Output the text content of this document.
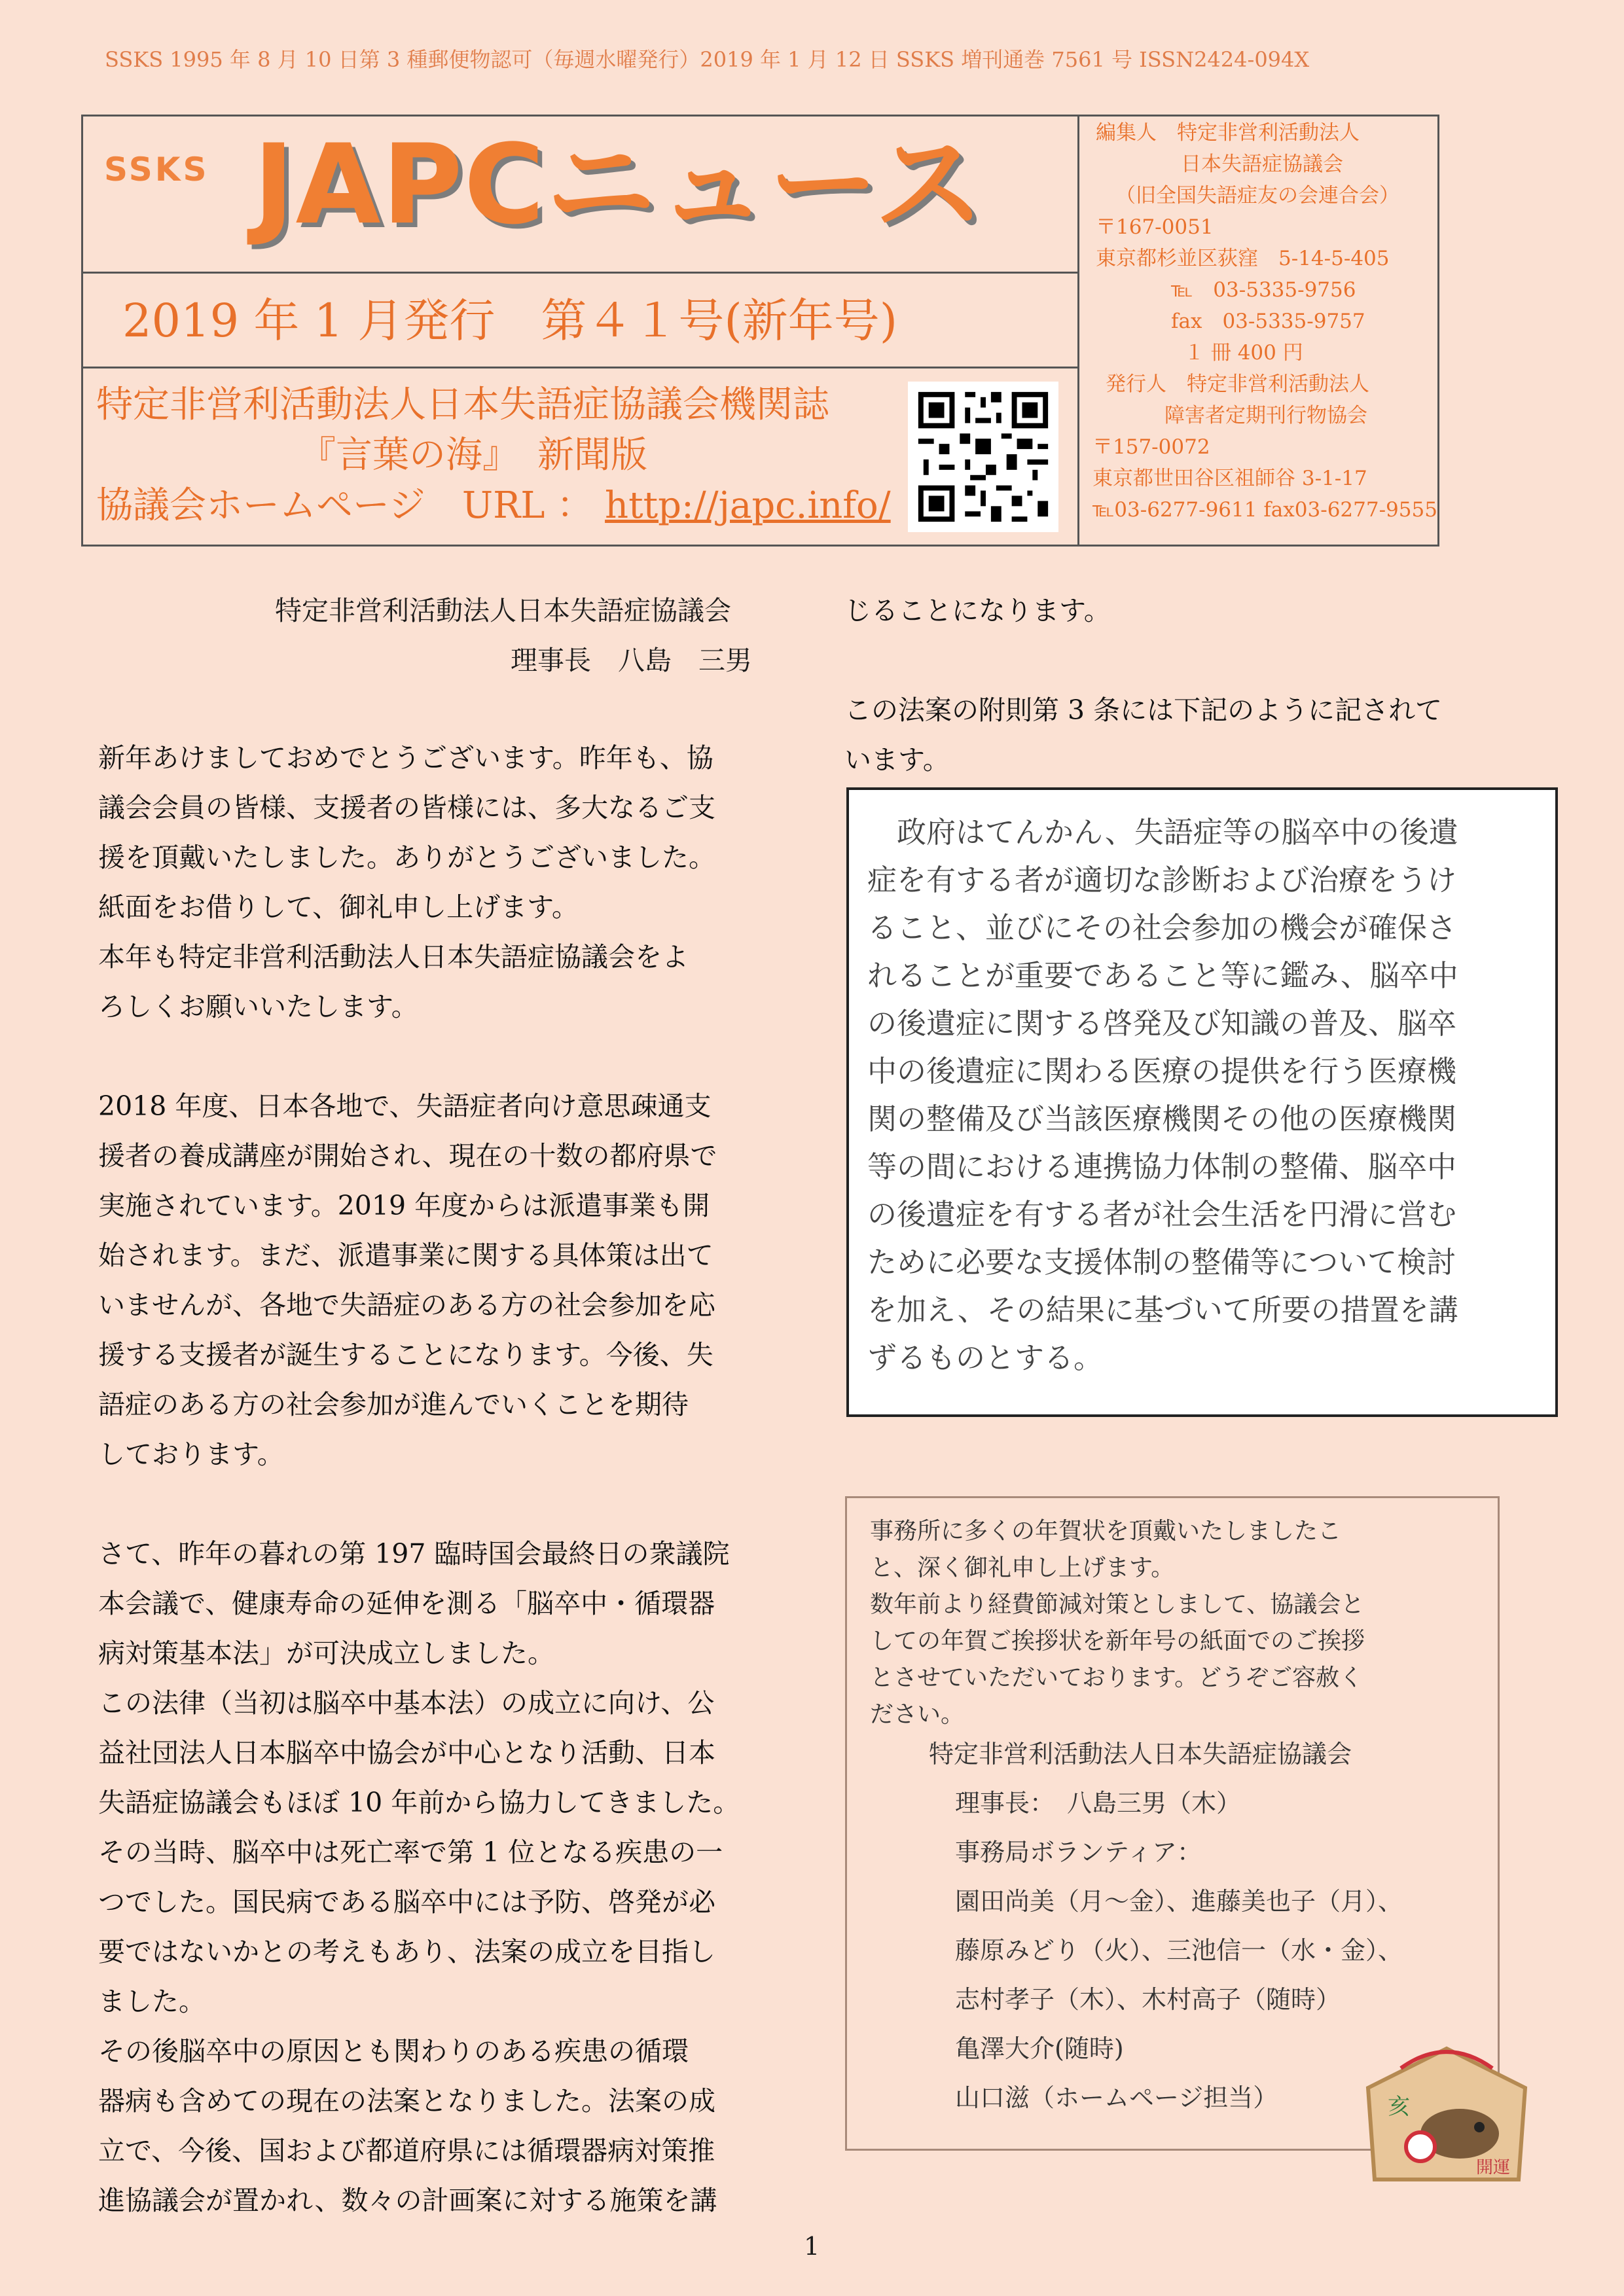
SSKS 1995 年 8 月 10 日第 3 種郵便物認可（毎週水曜発行）2019 年 1 月 12 日 SSKS 増刊通巻 7561 号 ISSN2424-094X
SSKS JAPCニュース
2019 年 1 月発行　第４１号(新年号)
特定非営利活動法人日本失語症協議会機関誌
『言葉の海』　新聞版
協議会ホームページ　URL ： http://japc.info/
編集人　特定非営利活動法人
日本失語症協議会
（旧全国失語症友の会連合会）
〒167-0051
東京都杉並区荻窪　5-14-5-405
℡　03-5335-9756
fax　03-5335-9757
１ 冊 400 円
発行人　特定非営利活動法人
障害者定期刊行物協会
〒157-0072
東京都世田谷区祖師谷 3-1-17
℡03-6277-9611 fax03-6277-9555
特定非営利活動法人日本失語症協議会
理事長　八島　三男

新年あけましておめでとうございます。昨年も、協

議会会員の皆様、支援者の皆様には、多大なるご支

援を頂戴いたしました。ありがとうございました。

紙面をお借りして、御礼申し上げます。

本年も特定非営利活動法人日本失語症協議会をよ

ろしくお願いいたします。

2018 年度、日本各地で、失語症者向け意思疎通支

援者の養成講座が開始され、現在の十数の都府県で

実施されています。2019 年度からは派遣事業も開

始されます。まだ、派遣事業に関する具体策は出て

いませんが、各地で失語症のある方の社会参加を応

援する支援者が誕生することになります。今後、失

語症のある方の社会参加が進んでいくことを期待

しております。

さて、昨年の暮れの第 197 臨時国会最終日の衆議院

本会議で、健康寿命の延伸を測る「脳卒中・循環器

病対策基本法」が可決成立しました。

この法律（当初は脳卒中基本法）の成立に向け、公

益社団法人日本脳卒中協会が中心となり活動、日本

失語症協議会もほぼ 10 年前から協力してきました。

その当時、脳卒中は死亡率で第 1 位となる疾患の一

つでした。国民病である脳卒中には予防、啓発が必

要ではないかとの考えもあり、法案の成立を目指し

ました。

その後脳卒中の原因とも関わりのある疾患の循環

器病も含めての現在の法案となりました。法案の成

立で、今後、国および都道府県には循環器病対策推

進協議会が置かれ、数々の計画案に対する施策を講

じることになります。

この法案の附則第 3 条には下記のように記されて

います。

　政府はてんかん、失語症等の脳卒中の後遺

症を有する者が適切な診断および治療をうけ

ること、並びにその社会参加の機会が確保さ

れることが重要であること等に鑑み、脳卒中

の後遺症に関する啓発及び知識の普及、脳卒

中の後遺症に関わる医療の提供を行う医療機

関の整備及び当該医療機関その他の医療機関

等の間における連携協力体制の整備、脳卒中

の後遺症を有する者が社会生活を円滑に営む

ために必要な支援体制の整備等について検討

を加え、その結果に基づいて所要の措置を講

ずるものとする。

事務所に多くの年賀状を頂戴いたしましたこ
と、深く御礼申し上げます。
数年前より経費節減対策としまして、協議会と
しての年賀ご挨拶状を新年号の紙面でのご挨拶
とさせていただいております。どうぞご容赦く
ださい。
特定非営利活動法人日本失語症協議会
理事長：　八島三男（木）
事務局ボランティア：
園田尚美（月～金）、進藤美也子（月）、
藤原みどり（火）、三池信一（水・金）、
志村孝子（木）、木村高子（随時）
亀澤大介(随時)
山口滋（ホームページ担当）	亥
開運
1
